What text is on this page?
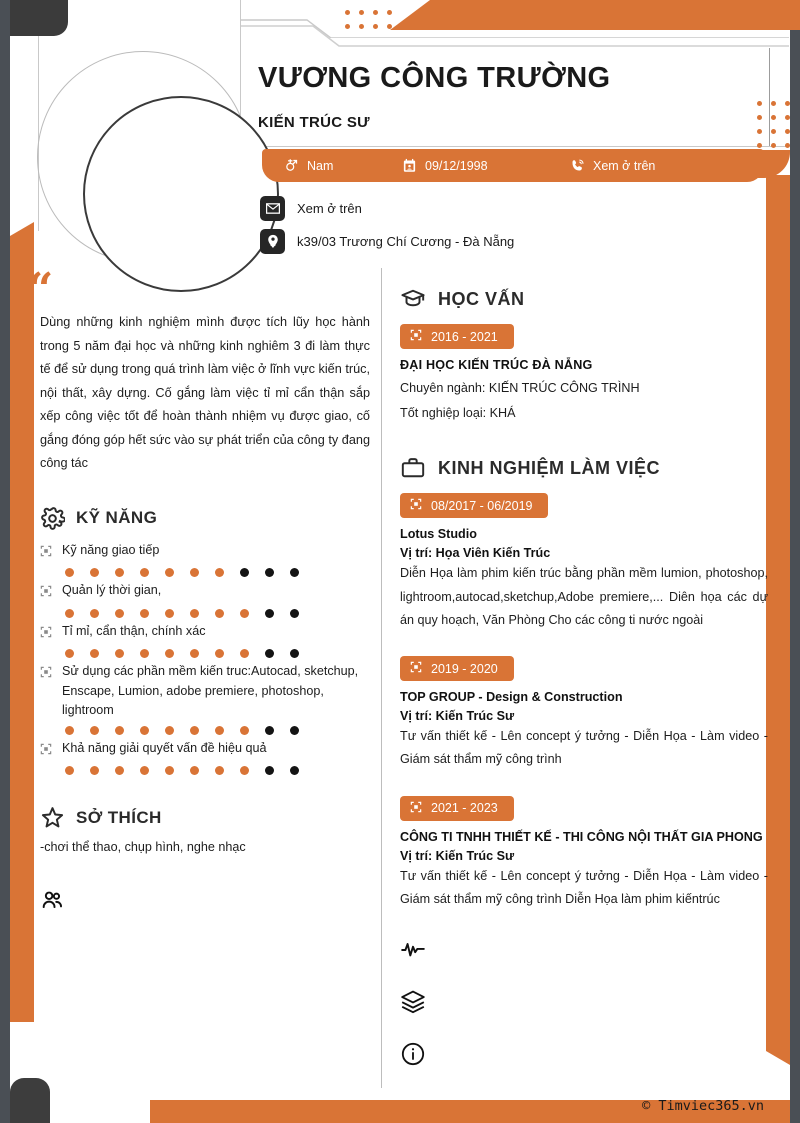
VƯƠNG CÔNG TRƯỜNG
KIẾN TRÚC SƯ
Nam	09/12/1998	Xem ở trên
Xem ở trên
k39/03 Trương Chí Cương - Đà Nẵng
“
Dùng những kinh nghiệm mình được tích lũy học hành trong 5 năm đại học và những kinh nghiêm 3 đi làm thực tế để sử dụng trong quá trình làm việc ở lĩnh vực kiến trúc, nội thất, xây dựng. Cố gắng làm việc tỉ mỉ cẩn thận sắp xếp công việc tốt để hoàn thành nhiệm vụ được giao, cố gắng đóng góp hết sức vào sự phát triển của công ty đang công tác
KỸ NĂNG
Kỹ năng giao tiếp
Quản lý thời gian,
Tỉ mỉ, cẩn thận, chính xác
Sử dụng các phần mềm kiến truc:Autocad, sketchup, Enscape, Lumion, adobe premiere, photoshop, lightroom
Khả năng giải quyết vấn đề hiệu quả
SỞ THÍCH
-chơi thể thao, chụp hình, nghe nhạc
HỌC VẤN
2016 - 2021
ĐẠI HỌC KIẾN TRÚC ĐÀ NẴNG
Chuyên ngành: KIẾN TRÚC CÔNG TRÌNH
Tốt nghiệp loại: KHÁ
KINH NGHIỆM LÀM VIỆC
08/2017 - 06/2019
Lotus Studio
Vị trí: Họa Viên Kiến Trúc
Diễn Họa làm phim kiến trúc bằng phần mềm lumion, photoshop, lightroom,autocad,sketchup,Adobe premiere,... Diên họa các dự án quy hoạch, Văn Phòng Cho các công ti nước ngoài
2019 - 2020
TOP GROUP - Design & Construction
Vị trí: Kiến Trúc Sư
Tư vấn thiết kế - Lên concept ý tưởng - Diễn Họa - Làm video - Giám sát thẩm mỹ công trình
2021 - 2023
CÔNG TI TNHH THIẾT KẾ - THI CÔNG NỘI THẤT GIA PHONG
Vị trí: Kiến Trúc Sư
Tư vấn thiết kế - Lên concept ý tưởng - Diễn Họa - Làm video - Giám sát thẩm mỹ công trình Diễn Họa làm phim kiếntrúc
© Timviec365.vn
